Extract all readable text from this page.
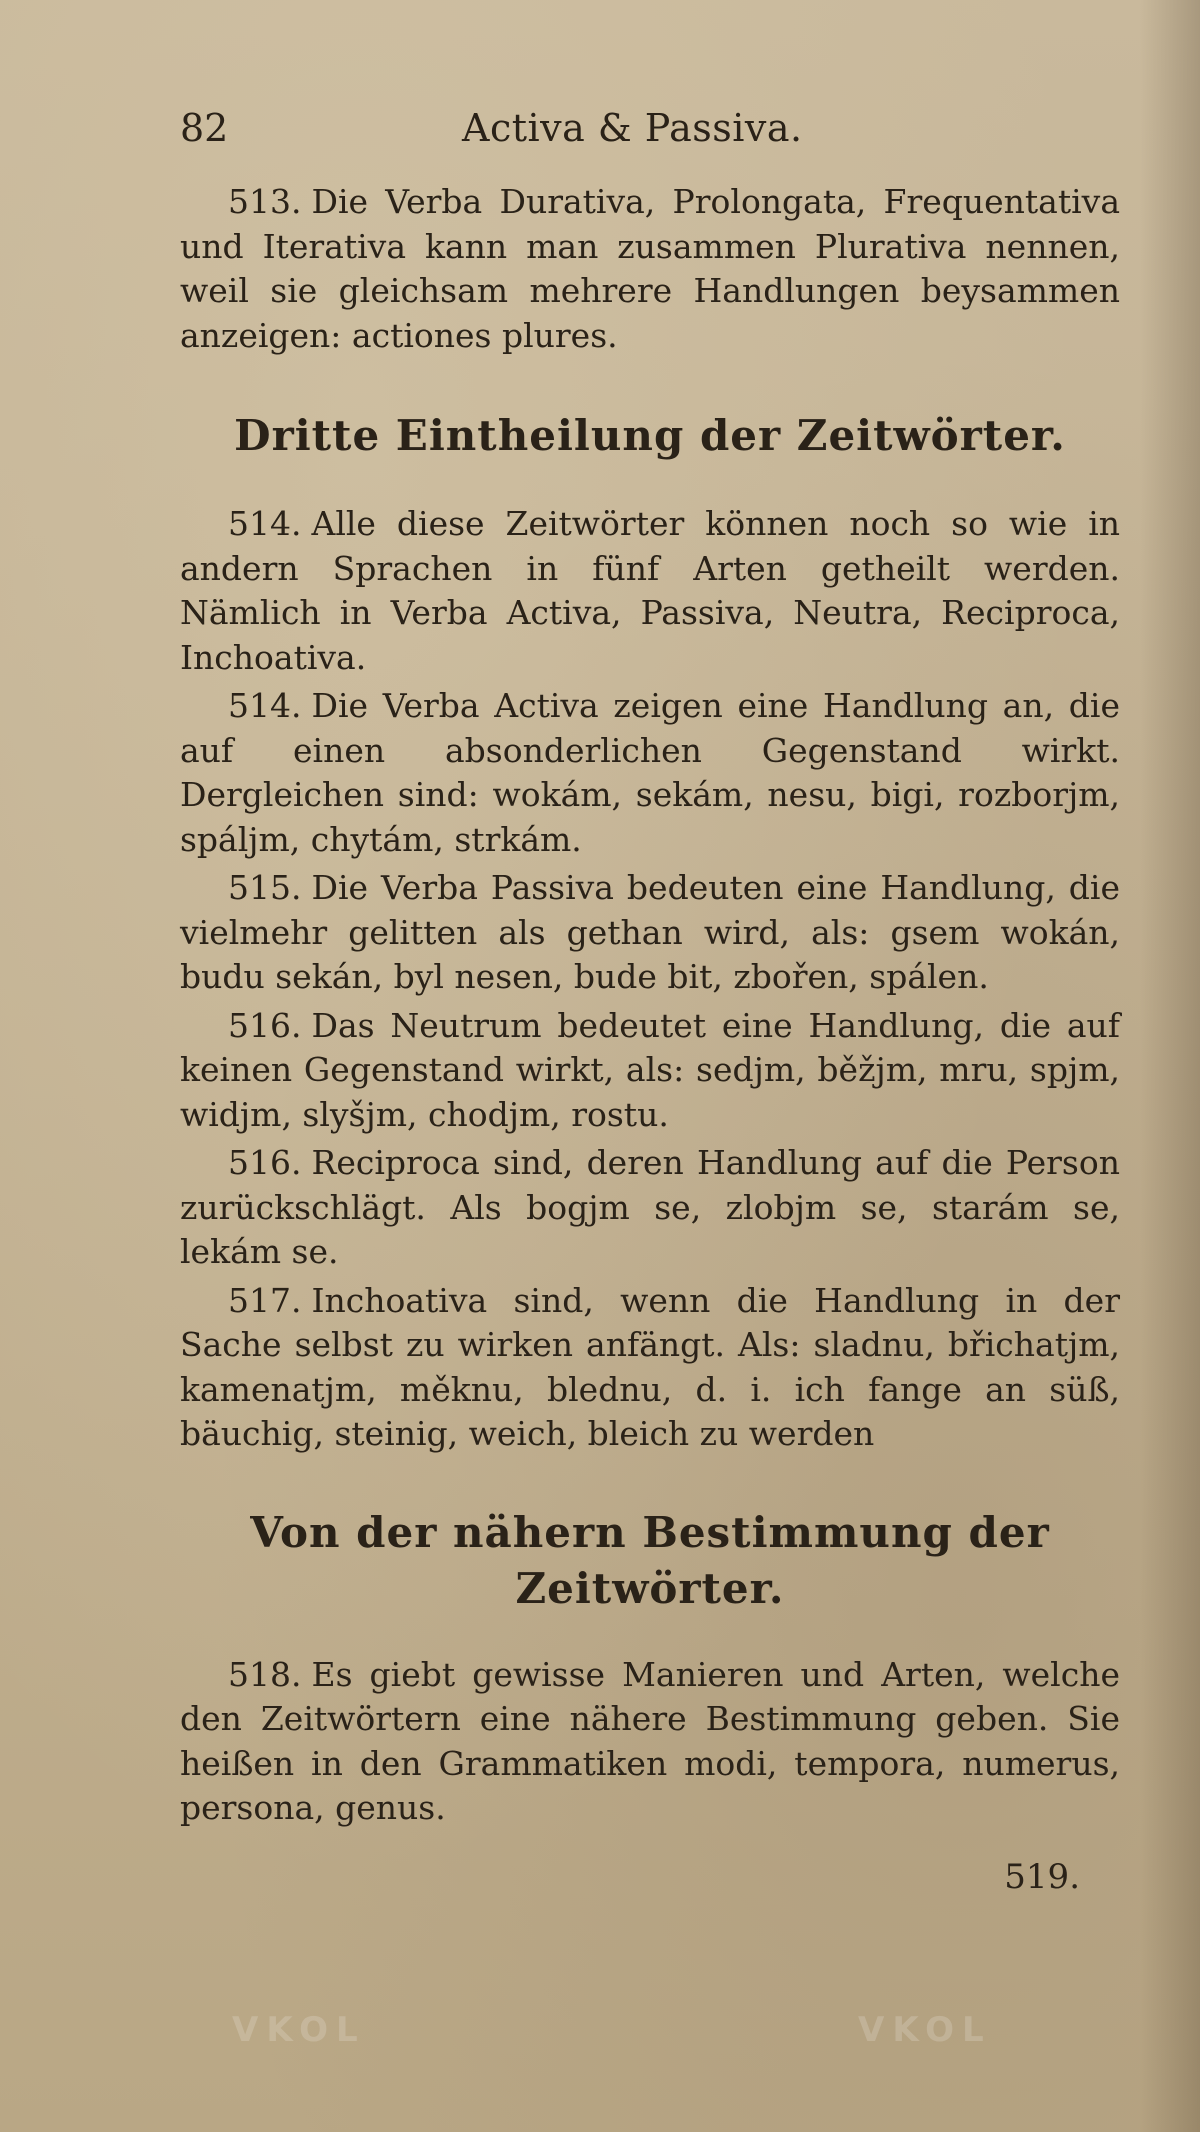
82	Activa & Passiva.

513. Die Verba Durativa, Prolongata, Frequentativa und Iterativa kann man zusammen Plurativa nennen, weil sie gleichsam mehrere Handlungen beysammen anzeigen: actiones plures.

Dritte Eintheilung der Zeitwörter.

514. Alle diese Zeitwörter können noch so wie in andern Sprachen in fünf Arten getheilt werden. Nämlich in Verba Activa, Passiva, Neutra, Reciproca, Inchoativa.

514. Die Verba Activa zeigen eine Handlung an, die auf einen absonderlichen Gegenstand wirkt. Dergleichen sind: wokám, sekám, nesu, bigi, rozborjm, spáljm, chytám, strkám.

515. Die Verba Passiva bedeuten eine Handlung, die vielmehr gelitten als gethan wird, als: gsem wokán, budu sekán, byl nesen, bude bit, zbořen, spálen.

516. Das Neutrum bedeutet eine Handlung, die auf keinen Gegenstand wirkt, als: sedjm, běžjm, mru, spjm, widjm, slyšjm, chodjm, rostu.

516. Reciproca sind, deren Handlung auf die Person zurückschlägt. Als bogjm se, zlobjm se, starám se, lekám se.

517. Inchoativa sind, wenn die Handlung in der Sache selbst zu wirken anfängt. Als: sladnu, břichatjm, kamenatjm, měknu, blednu, d. i. ich fange an süß, bäuchig, steinig, weich, bleich zu werden

Von der nähern Bestimmung der Zeitwörter.

518. Es giebt gewisse Manieren und Arten, welche den Zeitwörtern eine nähere Bestimmung geben. Sie heißen in den Grammatiken modi, tempora, numerus, persona, genus.

519.
VKOL	VKOL
